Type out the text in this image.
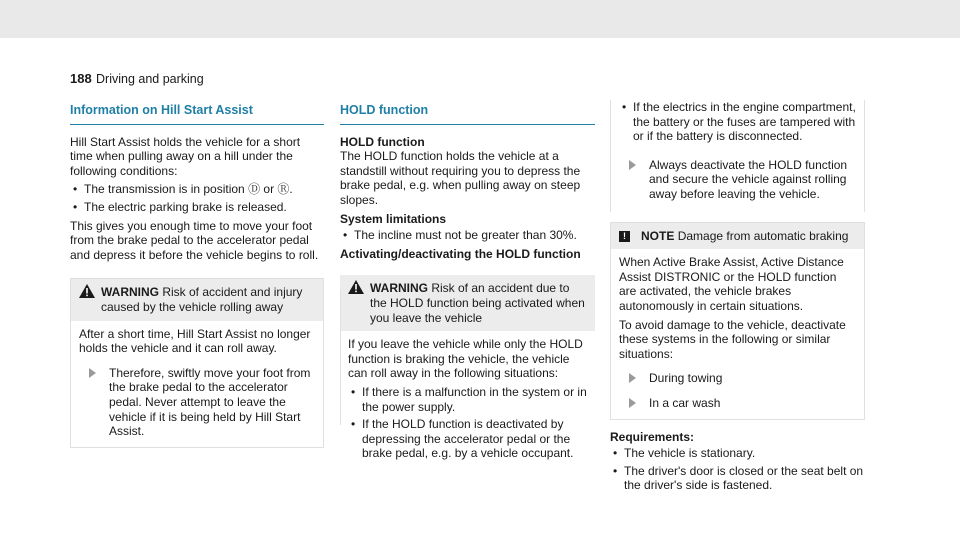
188 Driving and parking
Information on Hill Start Assist

Hill Start Assist holds the vehicle for a short time when pulling away on a hill under the following conditions:

• The transmission is in position Ⓓ or Ⓡ.
• The electric parking brake is released.

This gives you enough time to move your foot from the brake pedal to the accelerator pedal and depress it before the vehicle begins to roll.

WARNING Risk of accident and injury caused by the vehicle rolling away

After a short time, Hill Start Assist no longer holds the vehicle and it can roll away.

Therefore, swiftly move your foot from the brake pedal to the accelerator pedal. Never attempt to leave the vehicle if it is being held by Hill Start Assist.
HOLD function

HOLD function

The HOLD function holds the vehicle at a standstill without requiring you to depress the brake pedal, e.g. when pulling away on steep slopes.

System limitations

• The incline must not be greater than 30%.

Activating/deactivating the HOLD function

WARNING Risk of an accident due to the HOLD function being activated when you leave the vehicle

If you leave the vehicle while only the HOLD function is braking the vehicle, the vehicle can roll away in the following situations:

• If there is a malfunction in the system or in the power supply.
• If the HOLD function is deactivated by depressing the accelerator pedal or the brake pedal, e.g. by a vehicle occupant.
• If the electrics in the engine compartment, the battery or the fuses are tampered with or if the battery is disconnected.
Always deactivate the HOLD function and secure the vehicle against rolling away before leaving the vehicle.
!	NOTE Damage from automatic braking

When Active Brake Assist, Active Distance Assist DISTRONIC or the HOLD function are activated, the vehicle brakes autonomously in certain situations.

To avoid damage to the vehicle, deactivate these systems in the following or similar situations:

During towing
In a car wash

Requirements:

• The vehicle is stationary.
• The driver's door is closed or the seat belt on the driver's side is fastened.
